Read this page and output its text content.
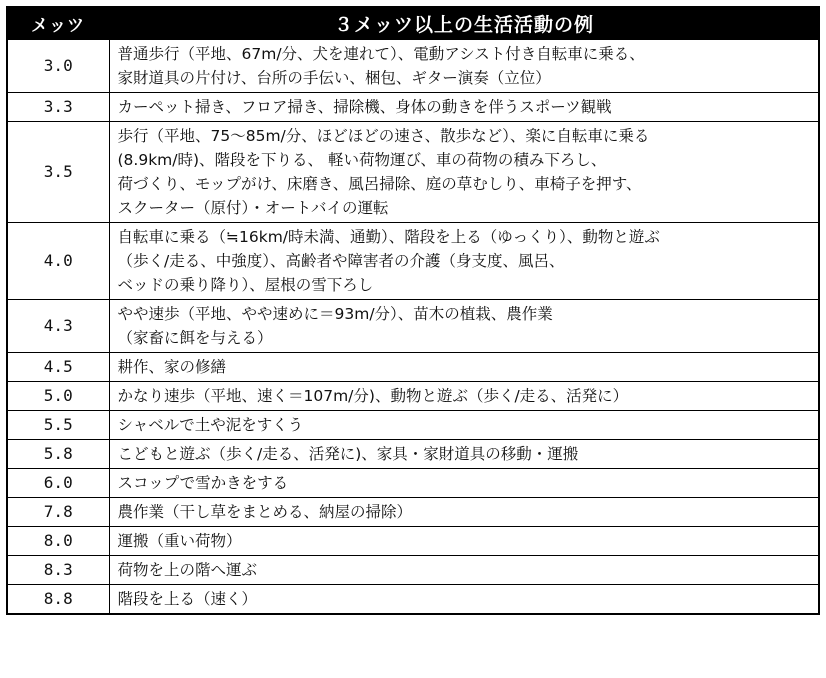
メッツ	３メッツ以上の生活活動の例
3.0	普通歩行（平地、67m/分、犬を連れて）、電動アシスト付き自転車に乗る、
家財道具の片付け、台所の手伝い、梱包、ギター演奏（立位）
3.3	カーペット掃き、フロア掃き、掃除機、身体の動きを伴うスポーツ観戦
3.5	歩行（平地、75～85m/分、ほどほどの速さ、散歩など）、楽に自転車に乗る
(8.9km/時)、階段を下りる、 軽い荷物運び、車の荷物の積み下ろし、
荷づくり、モップがけ、床磨き、風呂掃除、庭の草むしり、車椅子を押す、
スクーター（原付）・オートバイの運転
4.0	自転車に乗る（≒16km/時未満、通勤）、階段を上る（ゆっくり）、動物と遊ぶ
（歩く/走る、中強度）、高齢者や障害者の介護（身支度、風呂、
ベッドの乗り降り）、屋根の雪下ろし
4.3	やや速歩（平地、やや速めに＝93m/分）、苗木の植栽、農作業
（家畜に餌を与える）
4.5	耕作、家の修繕
5.0	かなり速歩（平地、速く＝107m/分)、動物と遊ぶ（歩く/走る、活発に）
5.5	シャベルで土や泥をすくう
5.8	こどもと遊ぶ（歩く/走る、活発に)、家具・家財道具の移動・運搬
6.0	スコップで雪かきをする
7.8	農作業（干し草をまとめる、納屋の掃除）
8.0	運搬（重い荷物）
8.3	荷物を上の階へ運ぶ
8.8	階段を上る（速く）
